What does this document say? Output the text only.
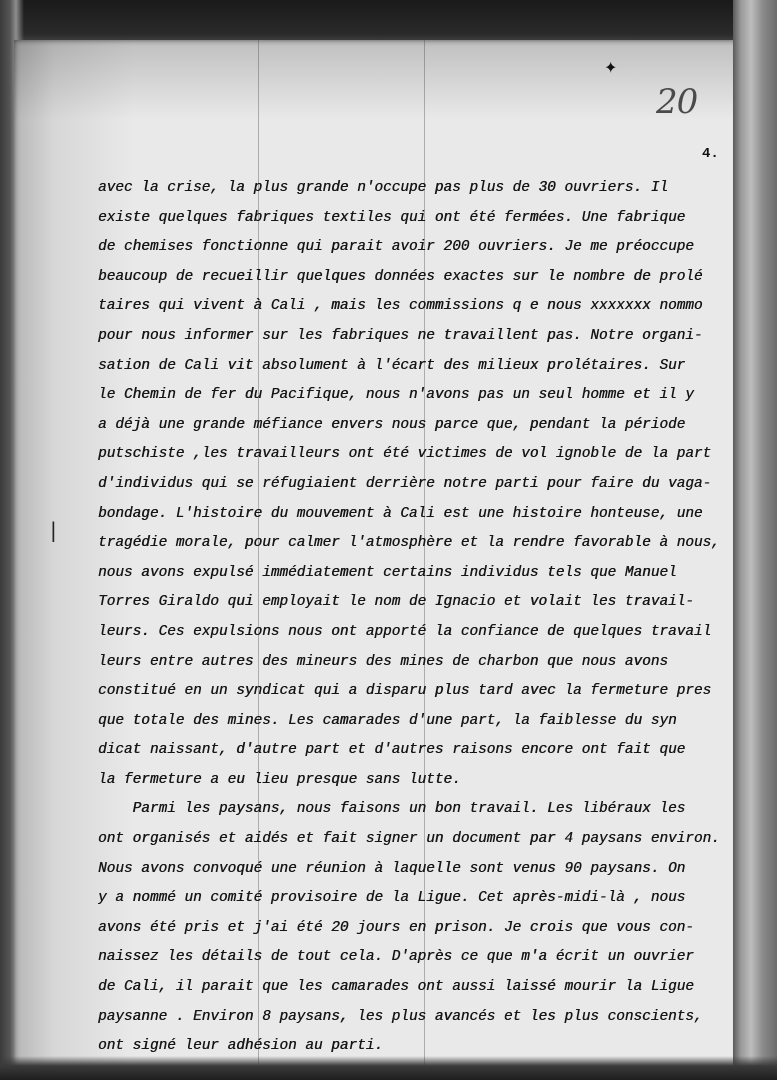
✦
20
4.
|
avec la crise, la plus grande n'occupe pas plus de 30 ouvriers. Il
existe quelques fabriques textiles qui ont été fermées. Une fabrique
de chemises fonctionne qui parait avoir 200 ouvriers. Je me préoccupe
beaucoup de recueillir quelques données exactes sur le nombre de prolé
taires qui vivent à Cali , mais les commissions q e nous xxxxxxx nommo
pour nous informer sur les fabriques ne travaillent pas. Notre organi-
sation de Cali vit absolument à l'écart des milieux prolétaires. Sur
le Chemin de fer du Pacifique, nous n'avons pas un seul homme et il y
a déjà une grande méfiance envers nous parce que, pendant la période
putschiste ,les travailleurs ont été victimes de vol ignoble de la part
d'individus qui se réfugiaient derrière notre parti pour faire du vaga-
bondage. L'histoire du mouvement à Cali est une histoire honteuse, une
tragédie morale, pour calmer l'atmosphère et la rendre favorable à nous,
nous avons expulsé immédiatement certains individus tels que Manuel
Torres Giraldo qui employait le nom de Ignacio et volait les travail-
leurs. Ces expulsions nous ont apporté la confiance de quelques travail
leurs entre autres des mineurs des mines de charbon que nous avons
constitué en un syndicat qui a disparu plus tard avec la fermeture pres
que totale des mines. Les camarades d'une part, la faiblesse du syn
dicat naissant, d'autre part et d'autres raisons encore ont fait que
la fermeture a eu lieu presque sans lutte.
Parmi les paysans, nous faisons un bon travail. Les libéraux les
ont organisés et aidés et fait signer un document par 4 paysans environ.
Nous avons convoqué une réunion à laquelle sont venus 90 paysans. On
y a nommé un comité provisoire de la Ligue. Cet après-midi-là , nous
avons été pris et j'ai été 20 jours en prison. Je crois que vous con-
naissez les détails de tout cela. D'après ce que m'a écrit un ouvrier
de Cali, il parait que les camarades ont aussi laissé mourir la Ligue
paysanne . Environ 8 paysans, les plus avancés et les plus conscients,
ont signé leur adhésion au parti.
